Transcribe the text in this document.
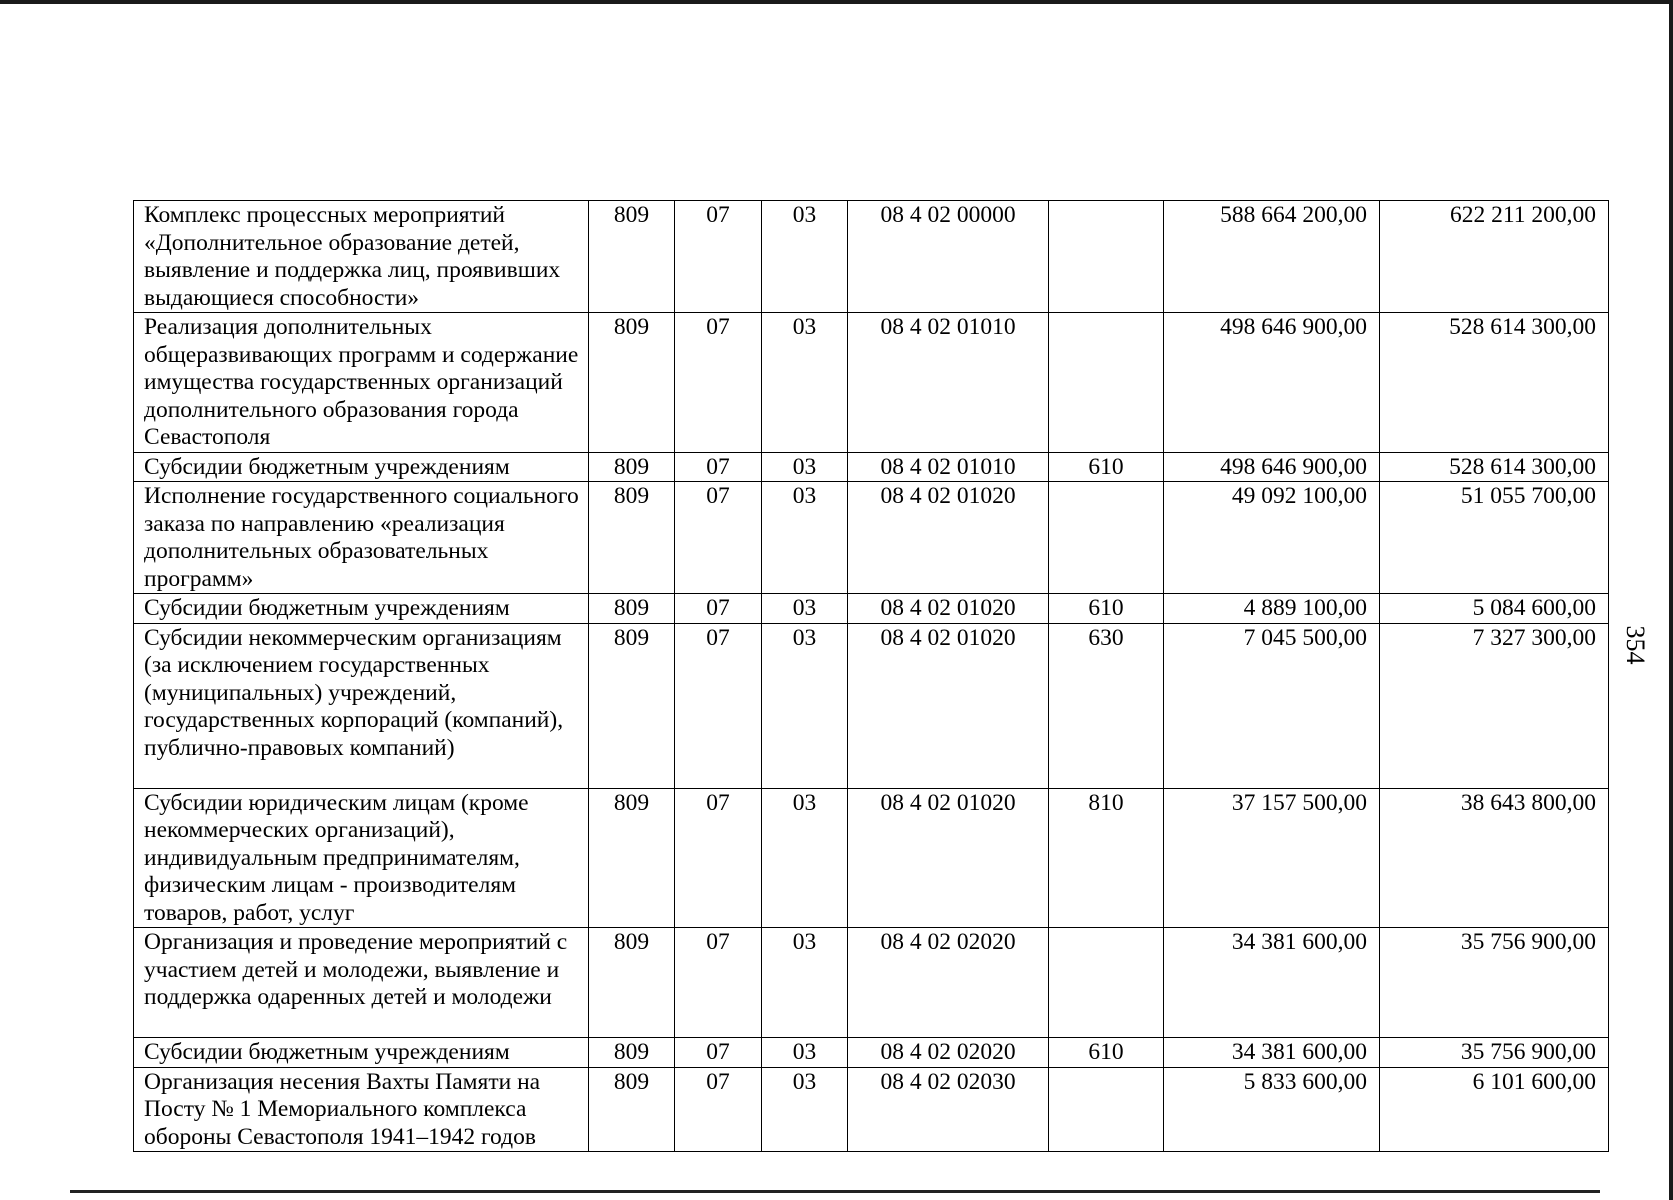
Комплекс процессных мероприятий «Дополнительное образование детей, выявление и поддержка лиц, проявивших выдающиеся способности»	809	07	03	08 4 02 00000		588 664 200,00	622 211 200,00
Реализация дополнительных общеразвивающих программ и содержание имущества государственных организаций дополнительного образования города Севастополя	809	07	03	08 4 02 01010		498 646 900,00	528 614 300,00
Субсидии бюджетным учреждениям	809	07	03	08 4 02 01010	610	498 646 900,00	528 614 300,00
Исполнение государственного социального заказа по направлению «реализация дополнительных образовательных программ»	809	07	03	08 4 02 01020		49 092 100,00	51 055 700,00
Субсидии бюджетным учреждениям	809	07	03	08 4 02 01020	610	4 889 100,00	5 084 600,00
Субсидии некоммерческим организациям (за исключением государственных (муниципальных) учреждений, государственных корпораций (компаний), публично-правовых компаний)	809	07	03	08 4 02 01020	630	7 045 500,00	7 327 300,00
Субсидии юридическим лицам (кроме некоммерческих организаций), индивидуальным предпринимателям, физическим лицам - производителям товаров, работ, услуг	809	07	03	08 4 02 01020	810	37 157 500,00	38 643 800,00
Организация и проведение мероприятий с участием детей и молодежи, выявление и поддержка одаренных детей и молодежи	809	07	03	08 4 02 02020		34 381 600,00	35 756 900,00
Субсидии бюджетным учреждениям	809	07	03	08 4 02 02020	610	34 381 600,00	35 756 900,00
Организация несения Вахты Памяти на Посту № 1 Мемориального комплекса обороны Севастополя 1941–1942 годов	809	07	03	08 4 02 02030		5 833 600,00	6 101 600,00
354
